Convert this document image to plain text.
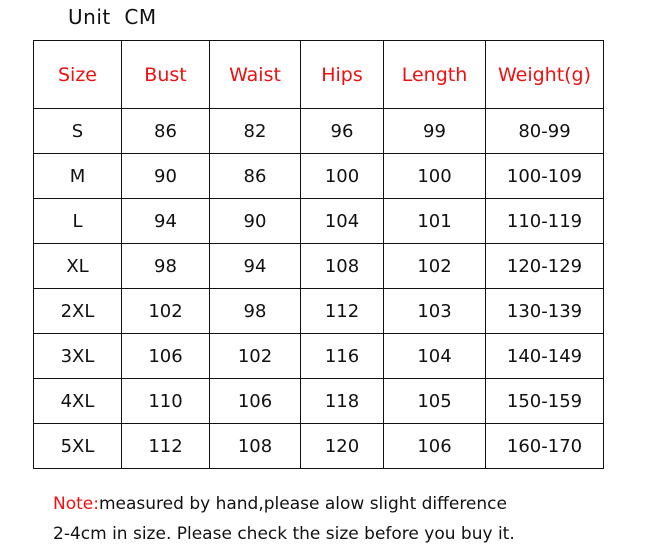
Unit  CM
Size	Bust	Waist	Hips	Length	Weight(g)
S	86	82	96	99	80-99
M	90	86	100	100	100-109
L	94	90	104	101	110-119
XL	98	94	108	102	120-129
2XL	102	98	112	103	130-139
3XL	106	102	116	104	140-149
4XL	110	106	118	105	150-159
5XL	112	108	120	106	160-170
Note:measured by hand,please alow slight difference
2-4cm in size. Please check the size before you buy it.
